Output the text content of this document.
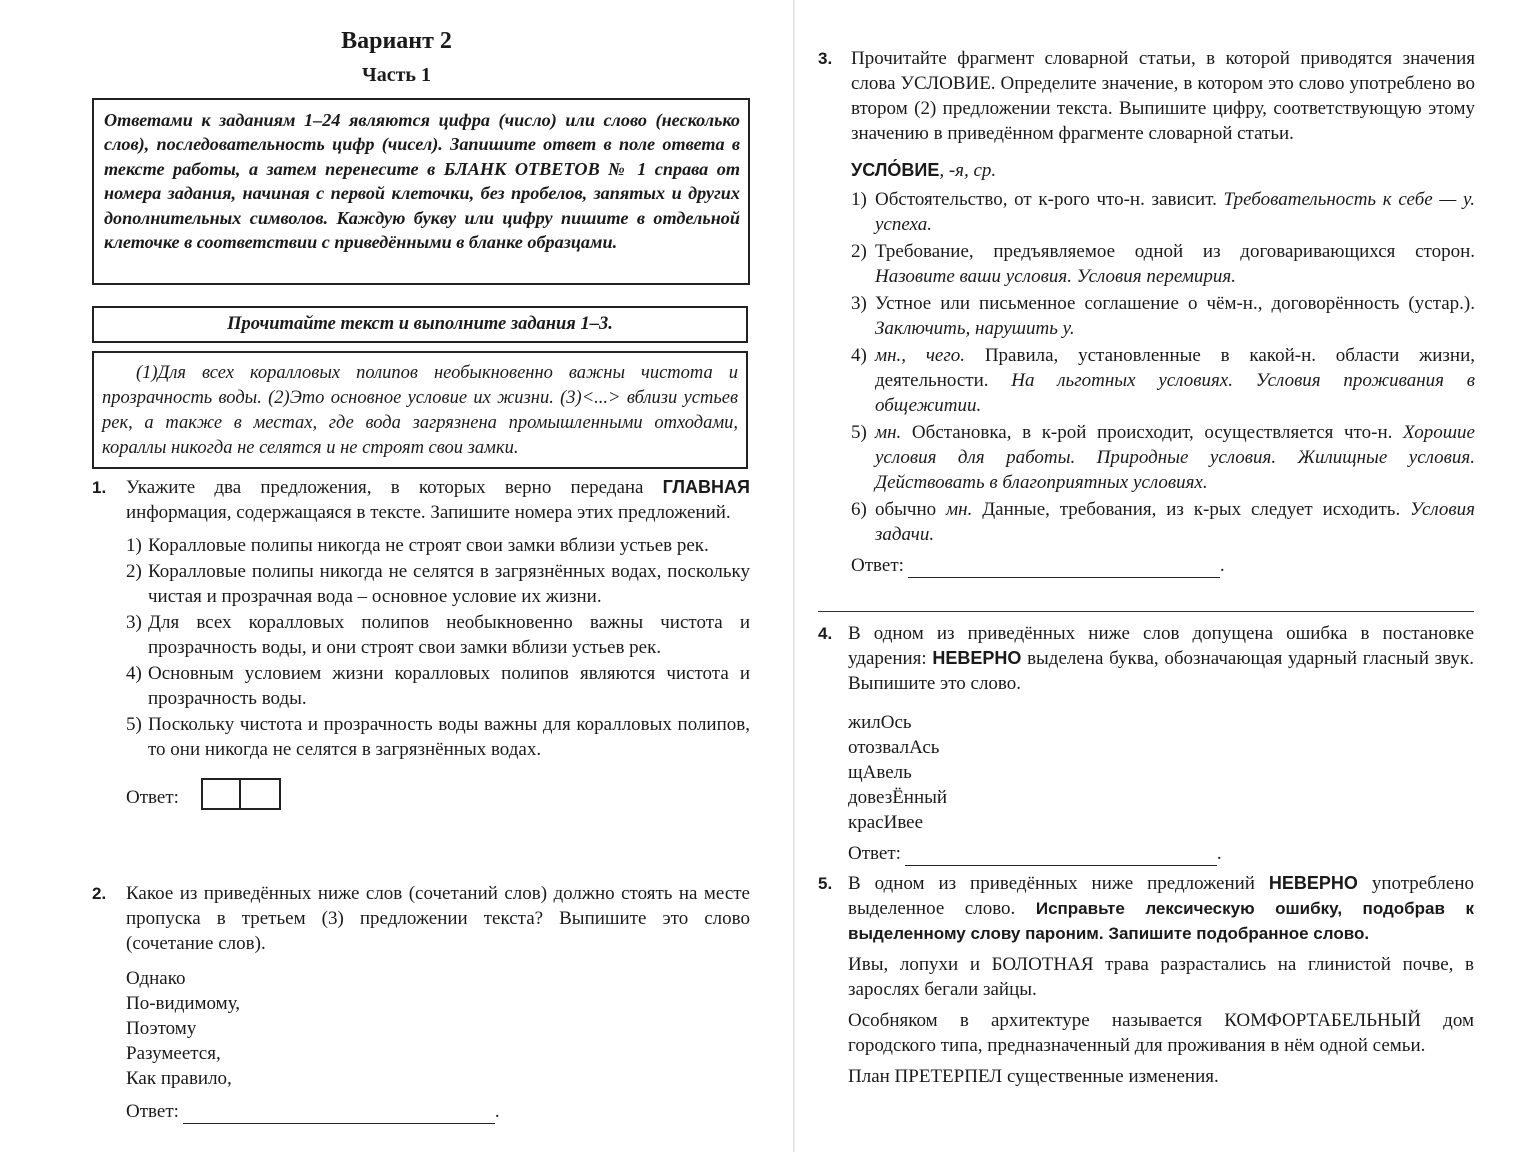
Вариант 2
Часть 1
Ответами к заданиям 1–24 являются цифра (число) или слово (несколько слов), последовательность цифр (чисел). Запишите ответ в поле ответа в тексте работы, а затем перенесите в БЛАНК ОТВЕТОВ № 1 справа от номера задания, начиная с первой клеточки, без пробелов, запятых и других дополнительных символов. Каждую букву или цифру пишите в отдельной клеточке в соответствии с приведёнными в бланке образцами.
Прочитайте текст и выполните задания 1–3.

(1)Для всех коралловых полипов необыкновенно важны чистота и прозрачность воды. (2)Это основное условие их жизни. (3)<...> вблизи устьев рек, а также в местах, где вода загрязнена промышленными отходами, кораллы никогда не селятся и не строят свои замки.

1. Укажите два предложения, в которых верно передана ГЛАВНАЯ информация, содержащаяся в тексте. Запишите номера этих предложений.
1) Коралловые полипы никогда не строят свои замки вблизи устьев рек.
2) Коралловые полипы никогда не селятся в загрязнённых водах, поскольку чистая и прозрачная вода – основное условие их жизни.
3) Для всех коралловых полипов необыкновенно важны чистота и прозрачность воды, и они строят свои замки вблизи устьев рек.
4) Основным условием жизни коралловых полипов являются чистота и прозрачность воды.
5) Поскольку чистота и прозрачность воды важны для коралловых полипов, то они никогда не селятся в загрязнённых водах.
Ответ:
2. Какое из приведённых ниже слов (сочетаний слов) должно стоять на месте пропуска в третьем (3) предложении текста? Выпишите это слово (сочетание слов).
Однако
По-видимому,
Поэтому
Разумеется,
Как правило,
Ответ:	.
3. Прочитайте фрагмент словарной статьи, в которой приводятся значения слова УСЛОВИЕ. Определите значение, в котором это слово употреблено во втором (2) предложении текста. Выпишите цифру, соответствующую этому значению в приведённом фрагменте словарной статьи.
УСЛО́ВИЕ, -я, ср.
1) Обстоятельство, от к-рого что-н. зависит. Требовательность к себе — у. успеха.
2) Требование, предъявляемое одной из договаривающихся сторон. Назовите ваши условия. Условия перемирия.
3) Устное или письменное соглашение о чём-н., договорённость (устар.). Заключить, нарушить у.
4) мн., чего. Правила, установленные в какой-н. области жизни, деятельности. На льготных условиях. Условия проживания в общежитии.
5) мн. Обстановка, в к-рой происходит, осуществляется что-н. Хорошие условия для работы. Природные условия. Жилищные условия. Действовать в благоприятных условиях.
6) обычно мн. Данные, требования, из к-рых следует исходить. Условия задачи.
Ответ:	.
4. В одном из приведённых ниже слов допущена ошибка в постановке ударения: НЕВЕРНО выделена буква, обозначающая ударный гласный звук. Выпишите это слово.
жилОсь
отозвалАсь
щАвель
довезЁнный
красИвее
Ответ:	.
5. В одном из приведённых ниже предложений НЕВЕРНО употреблено выделенное слово. Исправьте лексическую ошибку, подобрав к выделенному слову пароним. Запишите подобранное слово.
Ивы, лопухи и БОЛОТНАЯ трава разрастались на глинистой почве, в зарослях бегали зайцы.
Особняком в архитектуре называется КОМФОРТАБЕЛЬНЫЙ дом городского типа, предназначенный для проживания в нём одной семьи.
План ПРЕТЕРПЕЛ существенные изменения.
